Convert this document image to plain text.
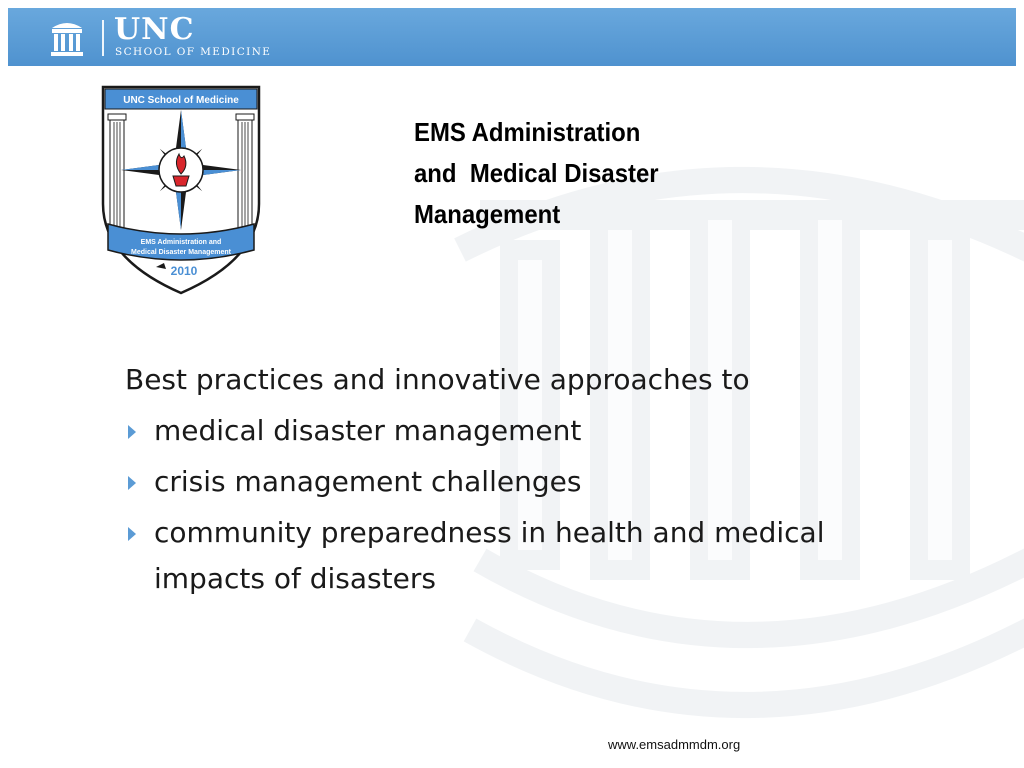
UNC
SCHOOL OF MEDICINE
UNC School of Medicine
EMS Administration and
Medical Disaster Management
2010
EMS Administration
and  Medical Disaster
Management
Best practices and innovative approaches to
medical disaster management
crisis management challenges
community preparedness in health and medical impacts of disasters
www.emsadmmdm.org
